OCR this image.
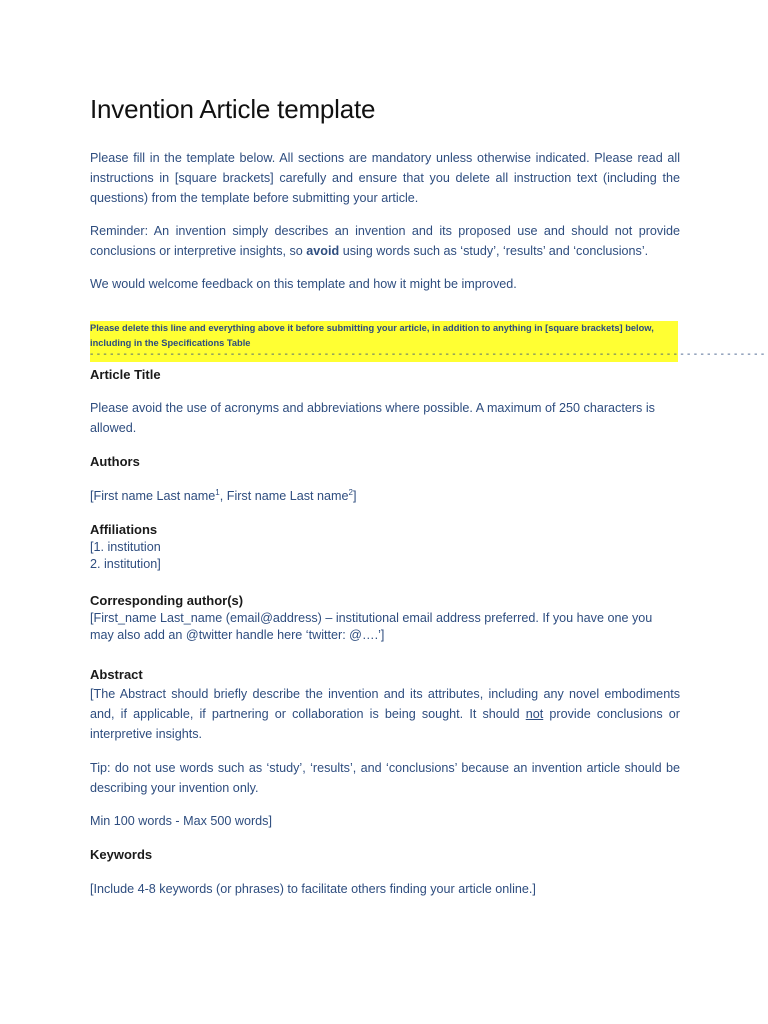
Invention Article template

Please fill in the template below. All sections are mandatory unless otherwise indicated. Please read all instructions in [square brackets] carefully and ensure that you delete all instruction text (including the questions) from the template before submitting your article.

Reminder: An invention simply describes an invention and its proposed use and should not provide conclusions or interpretive insights, so avoid using words such as ‘study’, ‘results’ and ‘conclusions’.

We would welcome feedback on this template and how it might be improved.

Please delete this line and everything above it before submitting your article, in addition to anything in [square brackets] below, including in the Specifications Table
- - - - - - - - - - - - - - - - - - - - - - - - - - - - - - - - - - - - - - - - - - - - - - - - - - - - - - - - - - - - - - - - - - - - - - - - - - - - - - - - - - - - - - - - - - - - - - - - - - - - -
Article Title

Please avoid the use of acronyms and abbreviations where possible. A maximum of 250 characters is allowed.

Authors

[First name Last name$^1$, First name Last name$^2$]

Affiliations

[1. institution

2. institution]

Corresponding author(s)

[First_name Last_name (email@address) – institutional email address preferred. If you have one you

may also add an @twitter handle here ‘twitter: @….’]

Abstract

[The Abstract should briefly describe the invention and its attributes, including any novel embodiments and, if applicable, if partnering or collaboration is being sought. It should not provide conclusions or interpretive insights.

Tip: do not use words such as ‘study’, ‘results’, and ‘conclusions’ because an invention article should be describing your invention only.

Min 100 words - Max 500 words]

Keywords

[Include 4-8 keywords (or phrases) to facilitate others finding your article online.]
